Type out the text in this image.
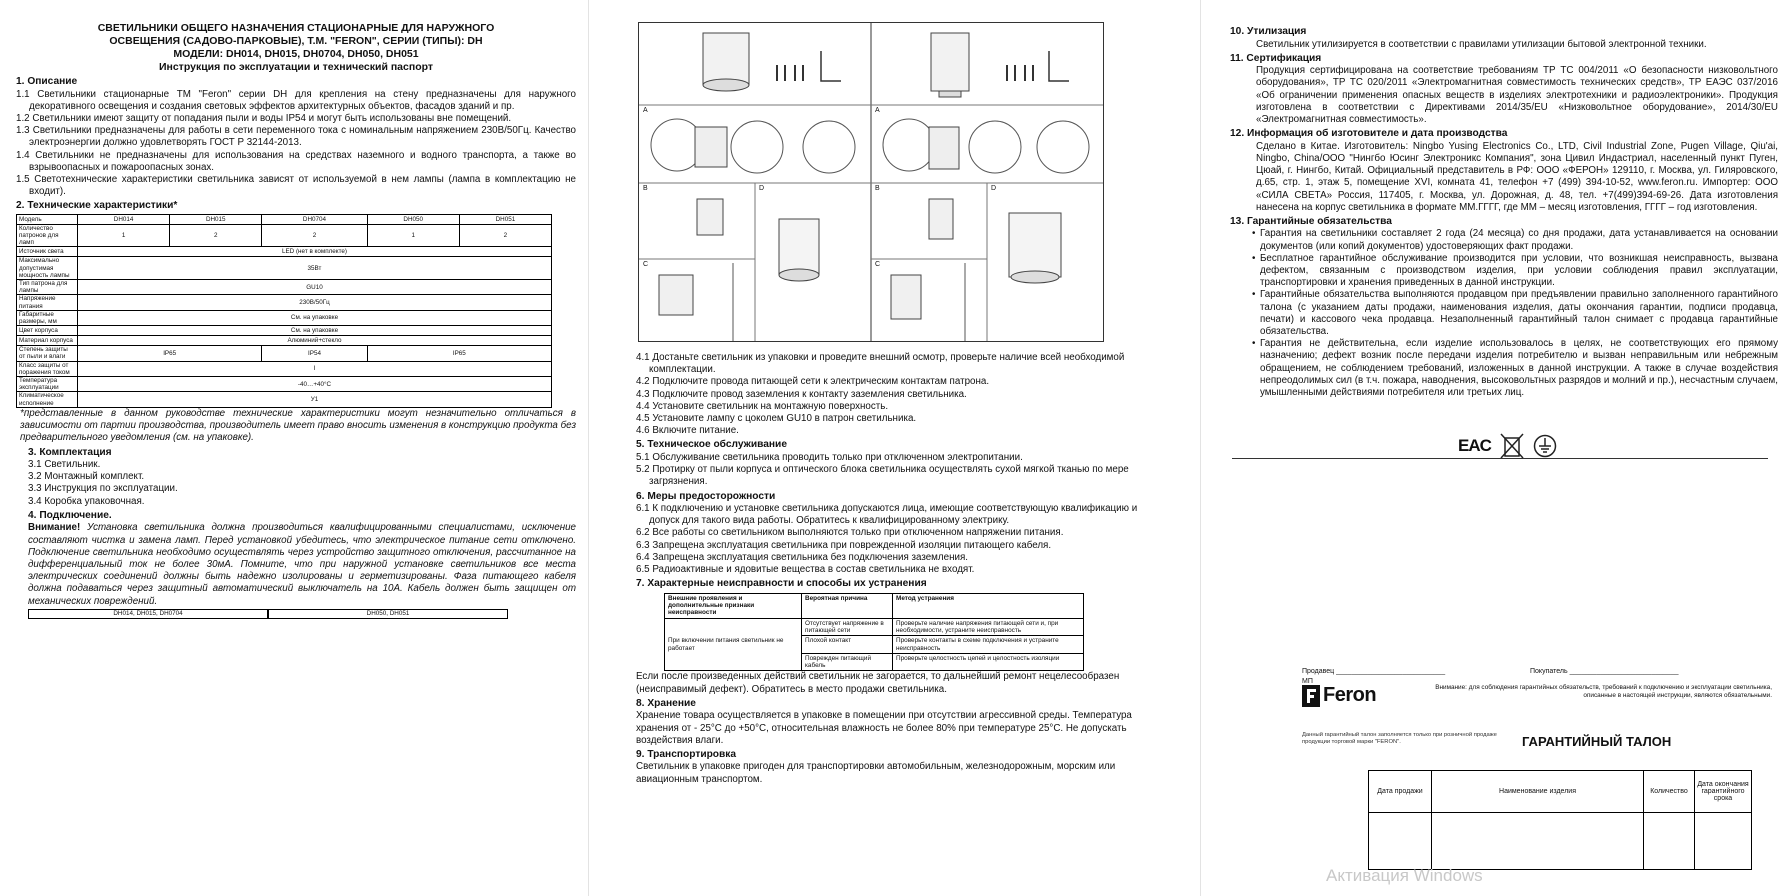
СВЕТИЛЬНИКИ ОБЩЕГО НАЗНАЧЕНИЯ СТАЦИОНАРНЫЕ ДЛЯ НАРУЖНОГО
ОСВЕЩЕНИЯ (САДОВО-ПАРКОВЫЕ), Т.М. "FERON", СЕРИИ (ТИПЫ): DH
МОДЕЛИ: DH014, DH015, DH0704, DH050, DH051
Инструкция по эксплуатации и технический паспорт
1. Описание
1.1 Светильники стационарные ТМ "Feron" серии DH для крепления на стену предназначены для наружного декоративного освещения и создания световых эффектов архитектурных объектов, фасадов зданий и пр.
1.2 Светильники имеют защиту от попадания пыли и воды IP54 и могут быть использованы вне помещений.
1.3 Светильники предназначены для работы в сети переменного тока с номинальным напряжением 230В/50Гц. Качество электроэнергии должно удовлетворять ГОСТ Р 32144-2013.
1.4 Светильники не предназначены для использования на средствах наземного и водного транспорта, а также во взрывоопасных и пожароопасных зонах.
1.5 Светотехнические характеристики светильника зависят от используемой в нем лампы (лампа в комплектацию не входит).
2. Технические характеристики*
Модель	DH014	DH015	DH0704	DH050	DH051
Количество патронов для ламп	1	2	2	1	2
Источник света	LED (нет в комплекте)				
Максимально допустимая мощность лампы	35Вт				
Тип патрона для лампы	GU10				
Напряжение питания	230В/50Гц				
Габаритные размеры, мм	См. на упаковке				
Цвет корпуса	См. на упаковке				
Материал корпуса	Алюминий+стекло				
Степень защиты от пыли и влаги	IP65		IP54	IP65	
Класс защиты от поражения током	I				
Температура эксплуатации	-40…+40°C				
Климатическое исполнение	У1				
*представленные в данном руководстве технические характеристики могут незначительно отличаться в зависимости от партии производства, производитель имеет право вносить изменения в конструкцию продукта без предварительного уведомления (см. на упаковке).
3. Комплектация
3.1 Светильник.
3.2 Монтажный комплект.
3.3 Инструкция по эксплуатации.
3.4 Коробка упаковочная.
4. Подключение.
Внимание! Установка светильника должна производиться квалифицированными специалистами, исключение составляют чистка и замена ламп. Перед установкой убедитесь, что электрическое питание сети отключено. Подключение светильника необходимо осуществлять через устройство защитного отключения, рассчитанное на дифференциальный ток не более 30мА. Помните, что при наружной установке светильников все места электрических соединений должны быть надежно изолированы и герметизированы. Фаза питающего кабеля должна подаваться через защитный автоматический выключатель на 10А. Кабель должен быть защищен от механических повреждений.
DH014, DH015, DH0704	DH050, DH051
A
B
C
D
A
B
C
D
4.1 Достаньте светильник из упаковки и проведите внешний осмотр, проверьте наличие всей необходимой комплектации.
4.2 Подключите провода питающей сети к электрическим контактам патрона.
4.3 Подключите провод заземления к контакту заземления светильника.
4.4 Установите светильник на монтажную поверхность.
4.5 Установите лампу с цоколем GU10 в патрон светильника.
4.6 Включите питание.
5. Техническое обслуживание
5.1 Обслуживание светильника проводить только при отключенном электропитании.
5.2 Протирку от пыли корпуса и оптического блока светильника осуществлять сухой мягкой тканью по мере загрязнения.
6. Меры предосторожности
6.1 К подключению и установке светильника допускаются лица, имеющие соответствующую квалификацию и допуск для такого вида работы. Обратитесь к квалифицированному электрику.
6.2 Все работы со светильником выполняются только при отключенном напряжении питания.
6.3 Запрещена эксплуатация светильника при поврежденной изоляции питающего кабеля.
6.4 Запрещена эксплуатация светильника без подключения заземления.
6.5 Радиоактивные и ядовитые вещества в состав светильника не входят.
7. Характерные неисправности и способы их устранения
Внешние проявления и дополнительные признаки неисправности	Вероятная причина	Метод устранения
При включении питания светильник не работает	Отсутствует напряжение в питающей сети	Проверьте наличие напряжения питающей сети и, при необходимости, устраните неисправность
	Плохой контакт	Проверьте контакты в схеме подключения и устраните неисправность
	Поврежден питающий кабель	Проверьте целостность цепей и целостность изоляции
Если после произведенных действий светильник не загорается, то дальнейший ремонт нецелесообразен (неисправимый дефект). Обратитесь в место продажи светильника.
8. Хранение
Хранение товара осуществляется в упаковке в помещении при отсутствии агрессивной среды. Температура хранения от - 25°С до +50°С, относительная влажность не более 80% при температуре 25°С. Не допускать воздействия влаги.
9. Транспортировка
Светильник в упаковке пригоден для транспортировки автомобильным, железнодорожным, морским или авиационным транспортом.
10. Утилизация
Светильник утилизируется в соответствии с правилами утилизации бытовой электронной техники.
11. Сертификация
Продукция сертифицирована на соответствие требованиям ТР ТС 004/2011 «О безопасности низковольтного оборудования», ТР ТС 020/2011 «Электромагнитная совместимость технических средств», ТР ЕАЭС 037/2016 «Об ограничении применения опасных веществ в изделиях электротехники и радиоэлектроники». Продукция изготовлена в соответствии с Директивами 2014/35/EU «Низковольтное оборудование», 2014/30/EU «Электромагнитная совместимость».
12. Информация об изготовителе и дата производства
Сделано в Китае. Изготовитель: Ningbo Yusing Electronics Co., LTD, Civil Industrial Zone, Pugen Village, Qiu'ai, Ningbo, China/ООО "Нингбо Юсинг Электроникс Компания", зона Цивил Индастриал, населенный пункт Пуген, Цюай, г. Нингбо, Китай. Официальный представитель в РФ: ООО «ФЕРОН» 129110, г. Москва, ул. Гиляровского, д.65, стр. 1, этаж 5, помещение XVI, комната 41, телефон +7 (499) 394-10-52, www.feron.ru. Импортер: ООО «СИЛА СВЕТА» Россия, 117405, г. Москва, ул. Дорожная, д. 48, тел. +7(499)394-69-26. Дата изготовления нанесена на корпус светильника в формате ММ.ГГГГ, где ММ – месяц изготовления, ГГГГ – год изготовления.
13. Гарантийные обязательства
• Гарантия на светильники составляет 2 года (24 месяца) со дня продажи, дата устанавливается на основании документов (или копий документов) удостоверяющих факт продажи.
• Бесплатное гарантийное обслуживание производится при условии, что возникшая неисправность, вызвана дефектом, связанным с производством изделия, при условии соблюдения правил эксплуатации, транспортировки и хранения приведенных в данной инструкции.
• Гарантийные обязательства выполняются продавцом при предъявлении правильно заполненного гарантийного талона (с указанием даты продажи, наименования изделия, даты окончания гарантии, подписи продавца, печати) и кассового чека продавца. Незаполненный гарантийный талон снимает с продавца гарантийные обязательства.
• Гарантия не действительна, если изделие использовалось в целях, не соответствующих его прямому назначению; дефект возник после передачи изделия потребителю и вызван неправильным или небрежным обращением, не соблюдением требований, изложенных в данной инструкции. А также в случае воздействия непреодолимых сил (в т.ч. пожара, наводнения, высоковольтных разрядов и молний и пр.), несчастным случаем, умышленными действиями потребителя или третьих лиц.
EAC
Продавец ____________________________	Покупатель ____________________________
МП
Feron	Внимание: для соблюдения гарантийных обязательств, требований к подключению и эксплуатации светильника, описанные в настоящей инструкции, являются обязательными.
Данный гарантийный талон заполняется только при розничной продаже продукции торговой марки "FERON".	ГАРАНТИЙНЫЙ ТАЛОН
Дата продажи	Наименование изделия	Количество	Дата окончания гарантийного срока

Активация Windows
